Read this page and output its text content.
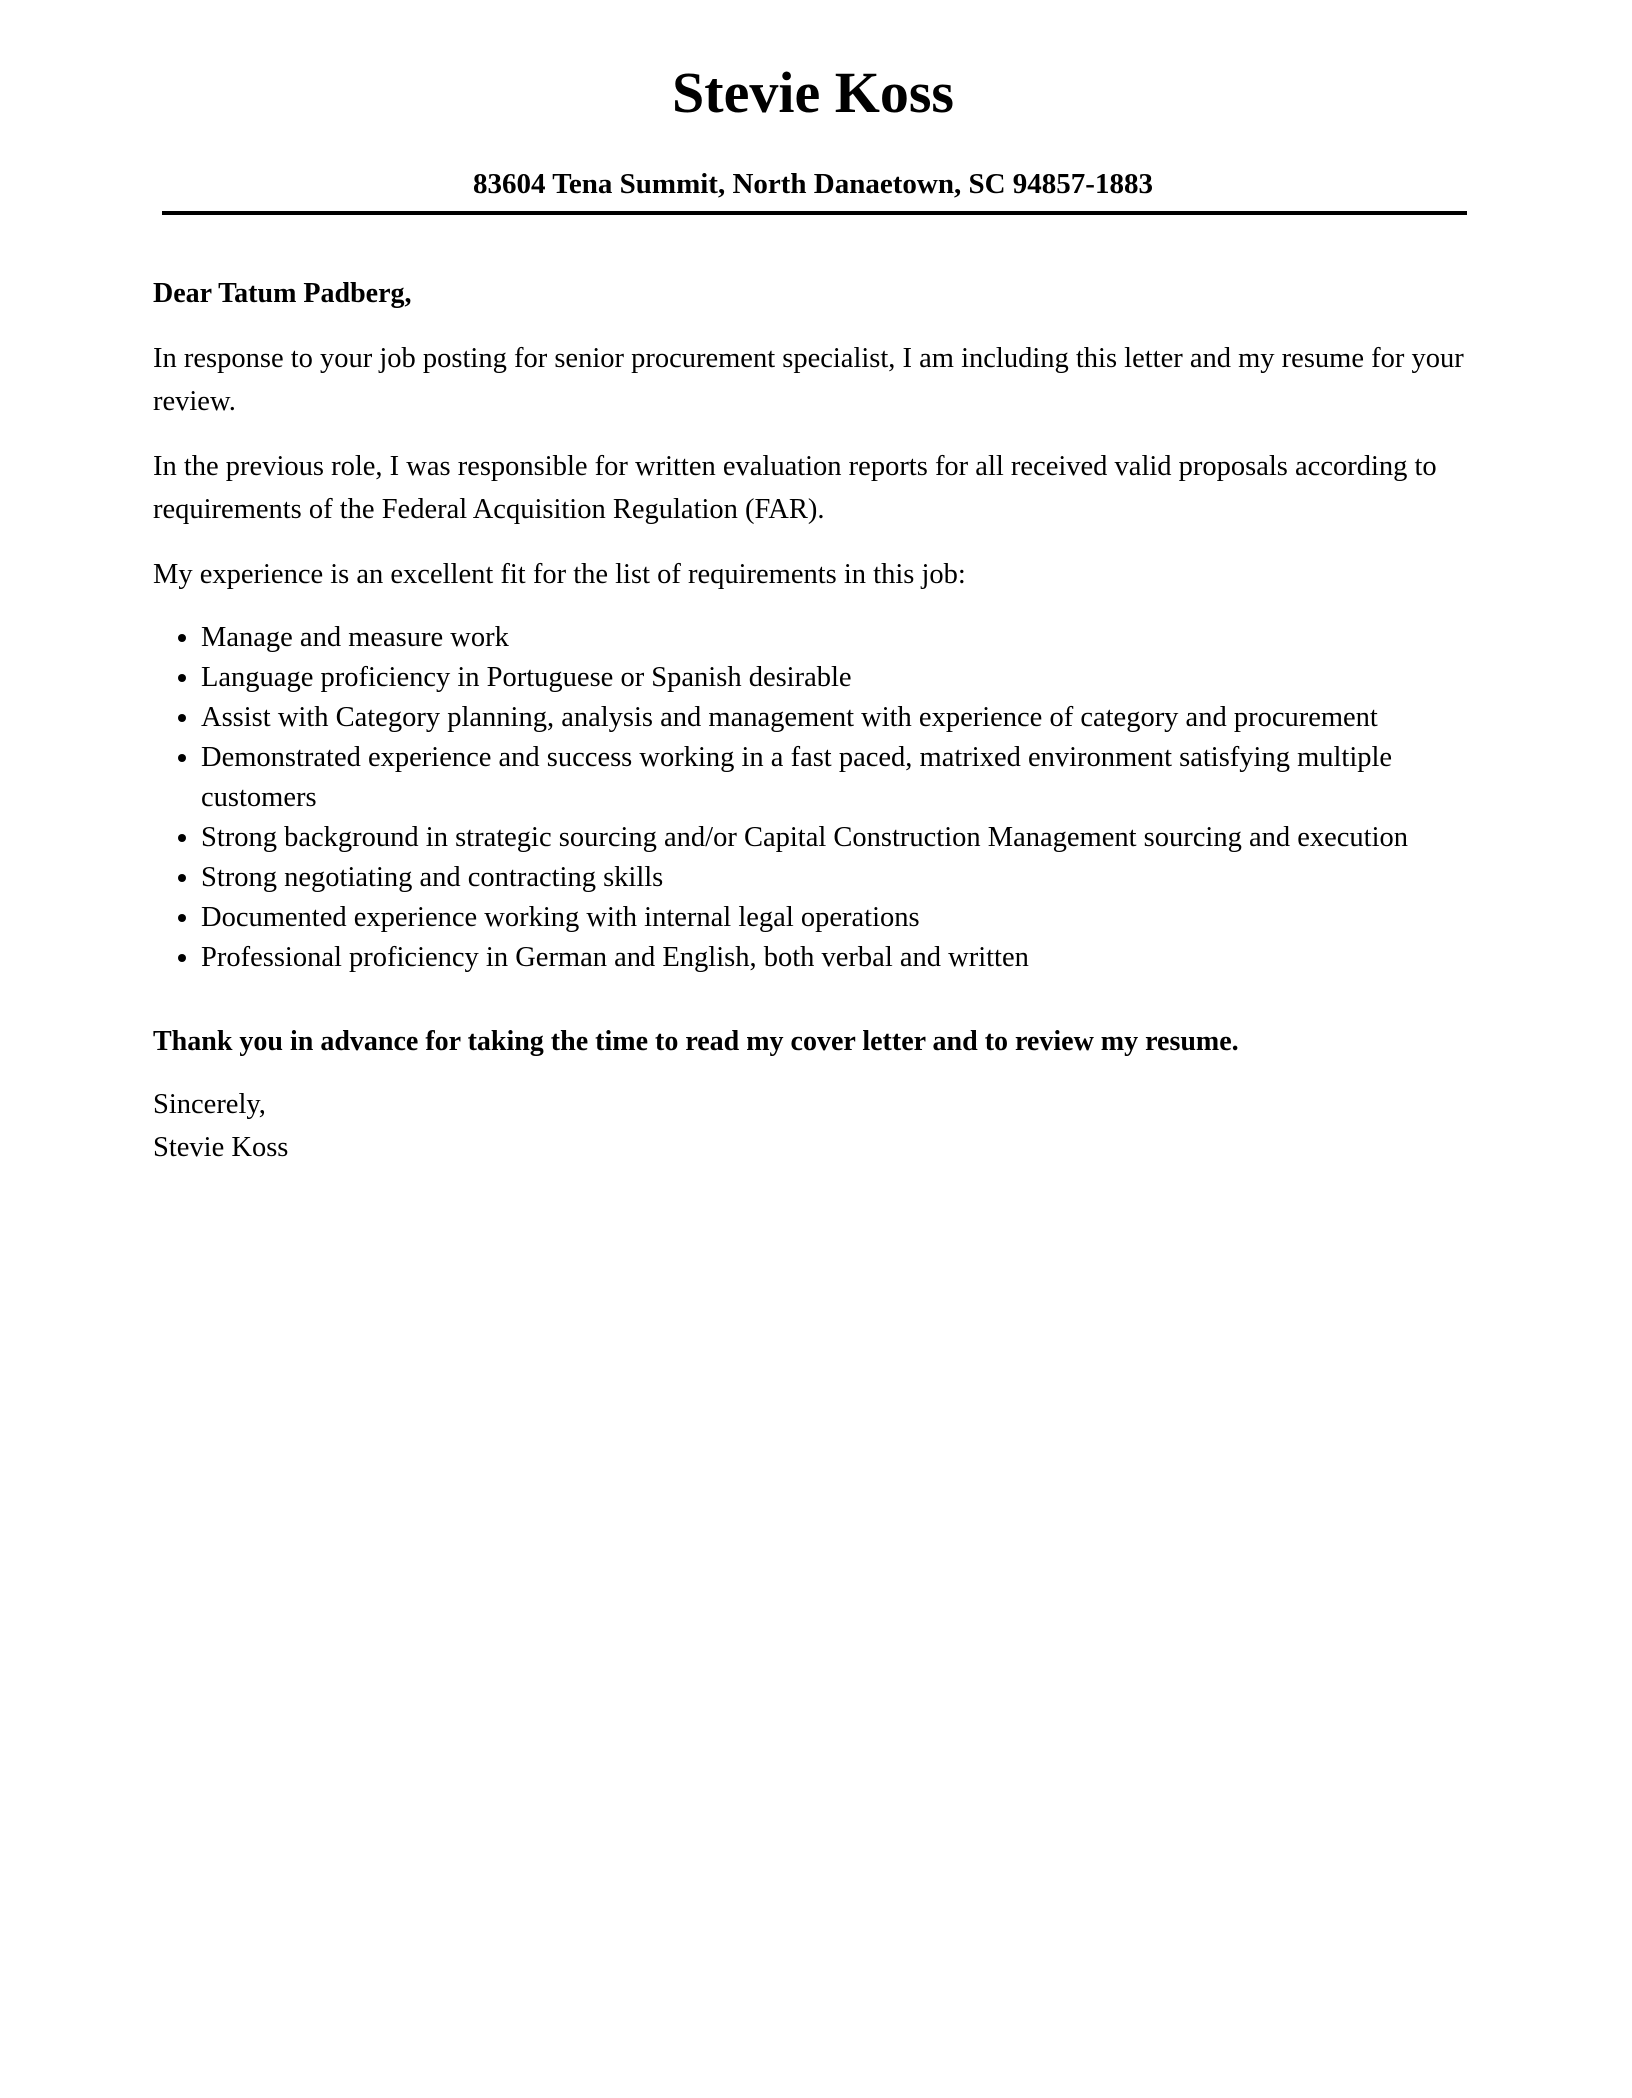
Stevie Koss
83604 Tena Summit, North Danaetown, SC 94857-1883
Dear Tatum Padberg,

In response to your job posting for senior procurement specialist, I am including this letter and my resume for your review.

In the previous role, I was responsible for written evaluation reports for all received valid proposals according to requirements of the Federal Acquisition Regulation (FAR).

My experience is an excellent fit for the list of requirements in this job:

• Manage and measure work
• Language proficiency in Portuguese or Spanish desirable
• Assist with Category planning, analysis and management with experience of category and procurement
• Demonstrated experience and success working in a fast paced, matrixed environment satisfying multiple customers
• Strong background in strategic sourcing and/or Capital Construction Management sourcing and execution
• Strong negotiating and contracting skills
• Documented experience working with internal legal operations
• Professional proficiency in German and English, both verbal and written
Thank you in advance for taking the time to read my cover letter and to review my resume.
Sincerely,
Stevie Koss
